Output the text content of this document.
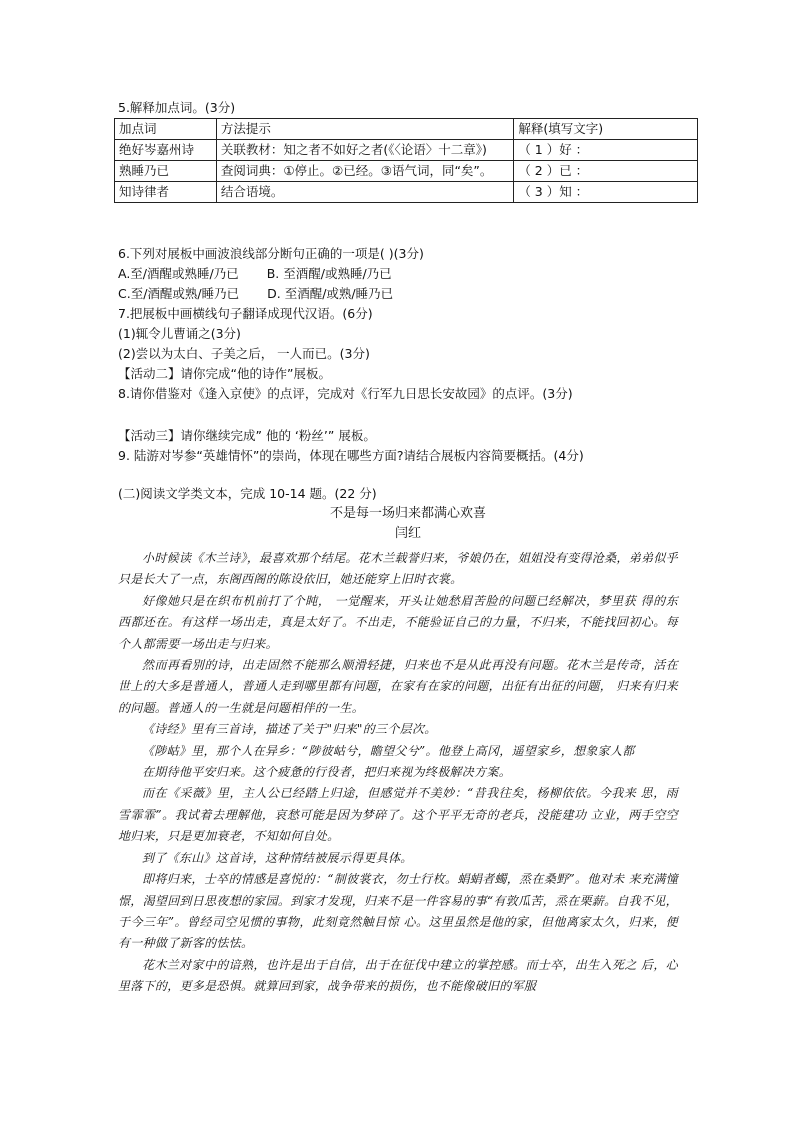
5.解释加点词。(3分)
加点词	方法提示	解释(填写文字)
绝好岑嘉州诗	关联教材：知之者不如好之者(《〈论语〉十二章》)	（ 1 ）好 ：
熟睡乃已	查阅词典：①停止。②已经。③语气词，同“矣”。	（ 2 ）已 ：
知诗律者	结合语境。	（ 3 ）知 ：
6.下列对展板中画波浪线部分断句正确的一项是( )(3分)
A.至/酒醒或熟睡/乃已 B. 至酒醒/或熟睡/乃已
C.至/酒醒或熟/睡乃已 D. 至酒醒/或熟/睡乃已
7.把展板中画横线句子翻译成现代汉语。(6分)
(1)辄令儿曹诵之(3分)
(2)尝以为太白、子美之后， 一人而已。(3分)
【活动二】请你完成“他的诗作”展板。
8.请你借鉴对《逢入京使》的点评，完成对《行军九日思长安故园》的点评。(3分)
【活动三】请你继续完成” 他的 ‘粉丝’” 展板。
9. 陆游对岑参“英雄情怀”的崇尚，体现在哪些方面?请结合展板内容简要概括。(4分)
(二)阅读文学类文本，完成 10-14 题。(22 分)
不是每一场归来都满心欢喜
闫红

小时候读《木兰诗》，最喜欢那个结尾。花木兰载誉归来，爷娘仍在，姐姐没有变得沧桑，弟弟似乎只是长大了一点，东阁西阁的陈设依旧，她还能穿上旧时衣裳。

好像她只是在织布机前打了个盹， 一觉醒来，开头让她愁眉苦脸的问题已经解决，梦里获 得的东西都还在。有这样一场出走，真是太好了。不出走，不能验证自己的力量，不归来，不能找回初心。每个人都需要一场出走与归来。

然而再看别的诗，出走固然不能那么顺滑轻捷，归来也不是从此再没有问题。花木兰是传奇，活在世上的大多是普通人，普通人走到哪里都有问题，在家有在家的问题，出征有出征的问题， 归来有归来的问题。普通人的一生就是问题相伴的一生。

《诗经》里有三首诗，描述了关于"归来"的三个层次。

《陟岵》里，那个人在异乡：“陟彼岵兮，瞻望父兮”。他登上高冈，遥望家乡，想象家人都

在期待他平安归来。这个疲惫的行役者，把归来视为终极解决方案。

而在《采薇》里，主人公已经踏上归途，但感觉并不美妙：“昔我往矣，杨柳依依。今我来 思，雨雪霏霏”。我试着去理解他，哀愁可能是因为梦碎了。这个平平无奇的老兵，没能建功 立业，两手空空地归来，只是更加衰老，不知如何自处。

到了《东山》这首诗，这种情结被展示得更具体。

即将归来，士卒的情感是喜悦的：“制彼裳衣，勿士行枚。蜎蜎者蠋，烝在桑野”。他对未 来充满憧憬，渴望回到日思夜想的家园。到家才发现，归来不是一件容易的事“有敦瓜苦，烝在栗薪。自我不见，于今三年”。曾经司空见惯的事物，此刻竟然触目惊 心。这里虽然是他的家，但他离家太久，归来，便有一种做了新客的怯怯。

花木兰对家中的谙熟，也许是出于自信，出于在征伐中建立的掌控感。而士卒，出生入死之 后，心里落下的，更多是恐惧。就算回到家，战争带来的损伤，也不能像破旧的军服
